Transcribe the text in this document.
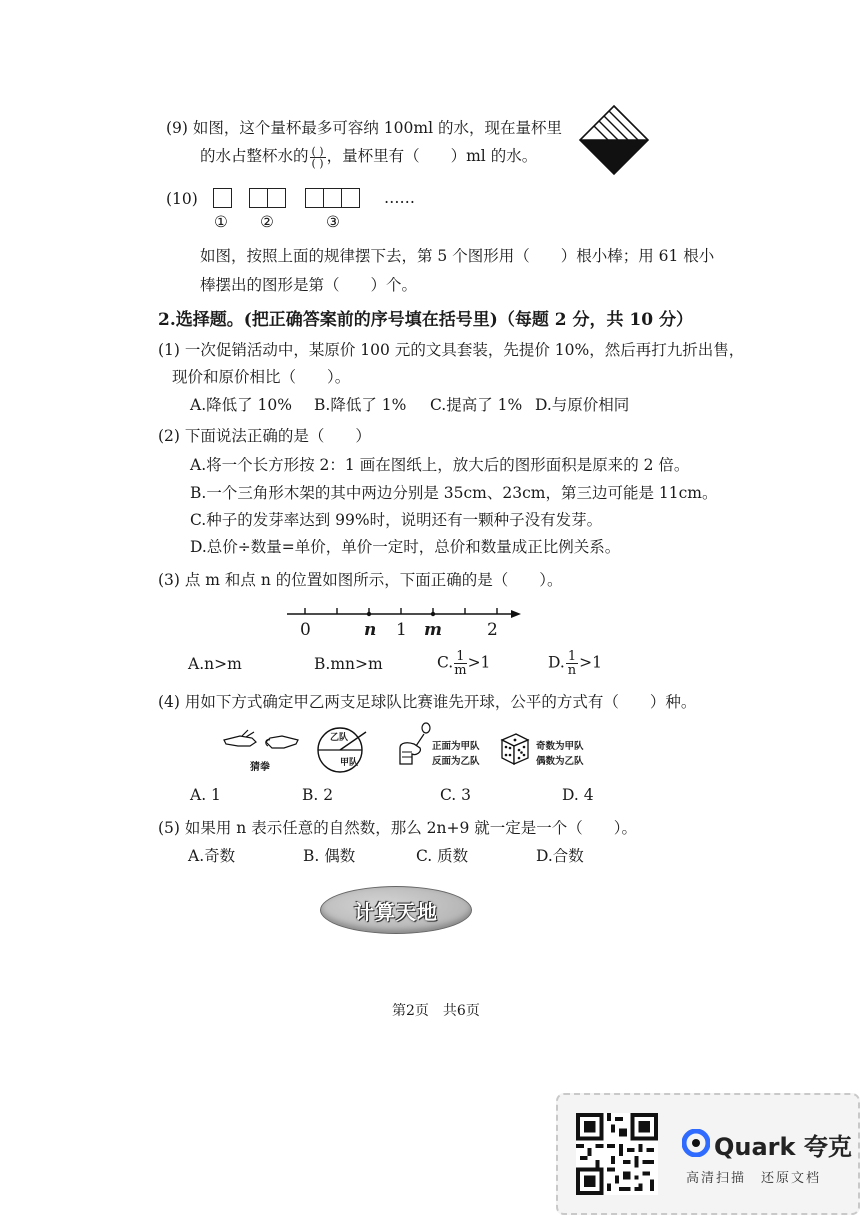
(9) 如图，这个量杯最多可容纳 100ml 的水，现在量杯里
的水占整杯水的 $\frac{( )}{( )}$ ，量杯里有（　　）ml 的水。
(10)	……
① ②	③
如图，按照上面的规律摆下去，第 5 个图形用（　　）根小棒；用 61 根小
棒摆出的图形是第（　　）个。
2.选择题。(把正确答案前的序号填在括号里)（每题 2 分，共 10 分）
(1) 一次促销活动中，某原价 100 元的文具套装，先提价 10%，然后再打九折出售，
现价和原价相比（　　）。
A.降低了 10% B.降低了 1% C.提高了 1% D.与原价相同
(2) 下面说法正确的是（　　）
A.将一个长方形按 2：1 画在图纸上，放大后的图形面积是原来的 2 倍。
B.一个三角形木架的其中两边分别是 35cm、23cm，第三边可能是 11cm。
C.种子的发芽率达到 99%时，说明还有一颗种子没有发芽。
D.总价÷数量=单价，单价一定时，总价和数量成正比例关系。
(3) 点 m 和点 n 的位置如图所示，下面正确的是（　　）。
0	n 1 m	2
A.n>m	B.mn>m	C. $\frac{1}{m} >1$	D. $\frac{1}{n} >1$
(4) 用如下方式确定甲乙两支足球队比赛谁先开球，公平的方式有（　　）种。
猜拳
乙队
甲队
正面为甲队
反面为乙队
奇数为甲队
偶数为乙队
A. 1	B. 2	C. 3	D. 4
(5) 如果用 n 表示任意的自然数，那么 2n+9 就一定是一个（　　）。
A.奇数	B. 偶数	C. 质数	D.合数
计算天地
第2页　共6页
Quark 夸克
高清扫描　还原文档
